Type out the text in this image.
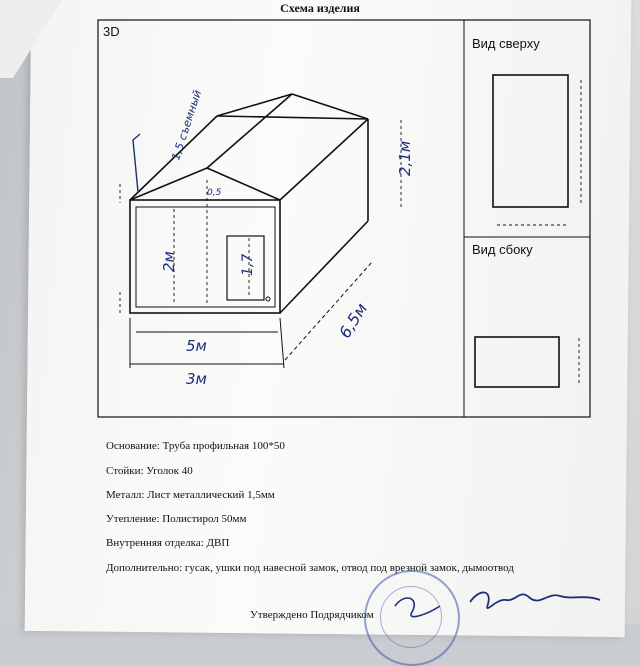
Схема изделия
0,5
2м
2,1м
1,7
5м
3м
6,5м
1,5 съемный
3D
Вид сверху
Вид сбоку
Основание: Труба профильная 100*50
Стойки: Уголок 40
Металл: Лист металлический 1,5мм
Утепление: Полистирол 50мм
Внутренняя отделка: ДВП
Дополнительно: гусак, ушки под навесной замок, отвод под врезной замок, дымоотвод
Утверждено Подрядчиком
